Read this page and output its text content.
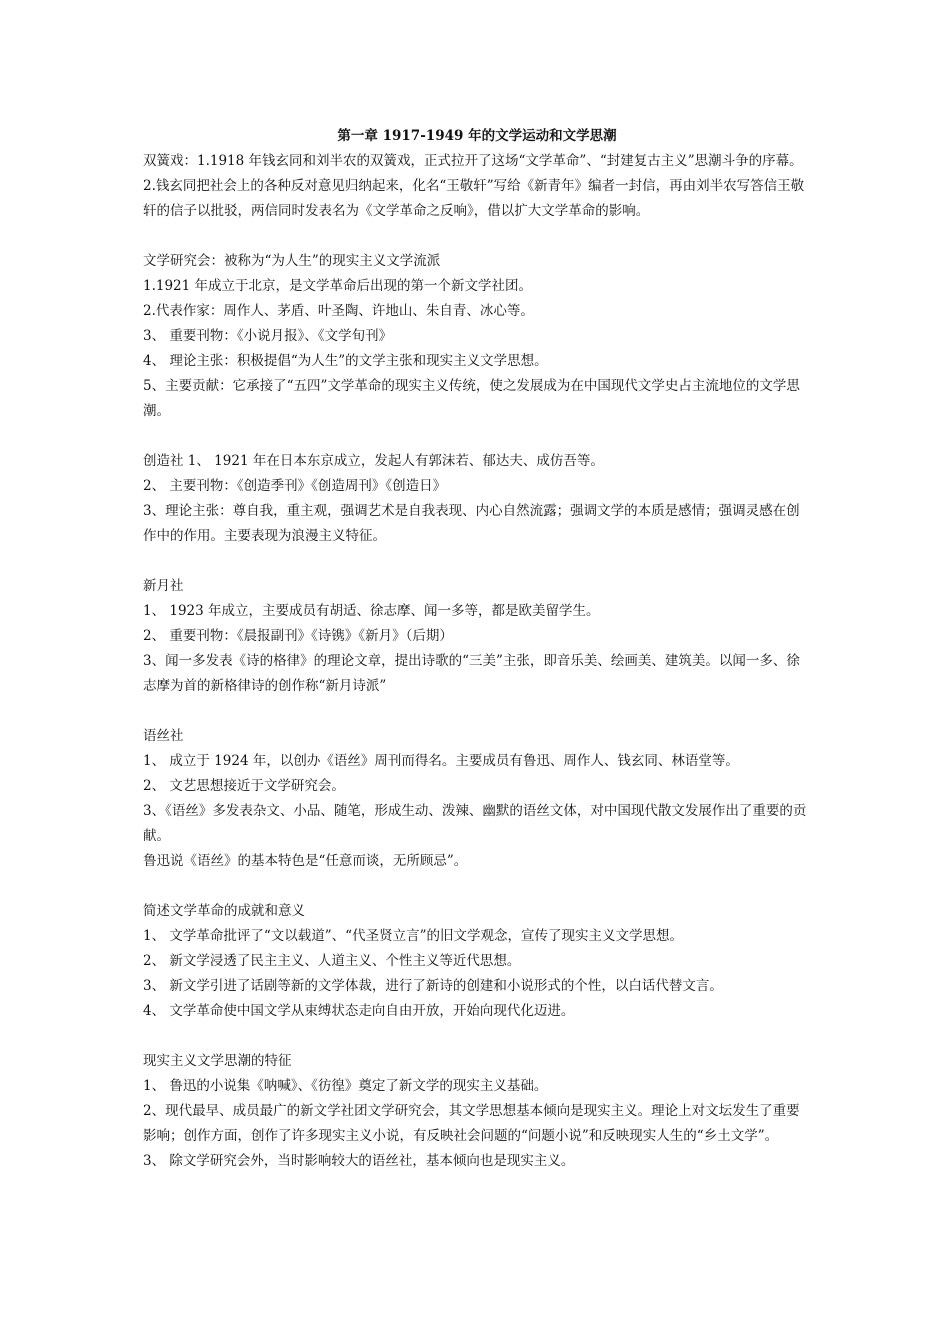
第一章 1917-1949 年的文学运动和文学思潮
双簧戏：1.1918 年钱玄同和刘半农的双簧戏，正式拉开了这场“文学革命”、“封建复古主义”思潮斗争的序幕。
2.钱玄同把社会上的各种反对意见归纳起来，化名“王敬轩”写给《新青年》编者一封信，再由刘半农写答信王敬轩的信子以批驳，两信同时发表名为《文学革命之反响》，借以扩大文学革命的影响。
文学研究会：被称为“为人生”的现实主义文学流派
1.1921 年成立于北京，是文学革命后出现的第一个新文学社团。
2.代表作家：周作人、茅盾、叶圣陶、许地山、朱自青、冰心等。
3、 重要刊物：《小说月报》、《文学旬刊》
4、 理论主张：积极提倡“为人生”的文学主张和现实主义文学思想。
5、主要贡献：它承接了“五四”文学革命的现实主义传统，使之发展成为在中国现代文学史占主流地位的文学思潮。
创造社 1、 1921 年在日本东京成立，发起人有郭沫若、郁达夫、成仿吾等。
2、 主要刊物：《创造季刊》《创造周刊》《创造日》
3、理论主张：尊自我，重主观，强调艺术是自我表现、内心自然流露；强调文学的本质是感情；强调灵感在创作中的作用。主要表现为浪漫主义特征。
新月社
1、 1923 年成立，主要成员有胡适、徐志摩、闻一多等，都是欧美留学生。
2、 重要刊物：《晨报副刊》《诗镌》《新月》（后期）
3、闻一多发表《诗的格律》的理论文章，提出诗歌的“三美”主张，即音乐美、绘画美、建筑美。以闻一多、徐志摩为首的新格律诗的创作称“新月诗派”
语丝社
1、 成立于 1924 年，以创办《语丝》周刊而得名。主要成员有鲁迅、周作人、钱玄同、林语堂等。
2、 文艺思想接近于文学研究会。
3、《语丝》多发表杂文、小品、随笔，形成生动、泼辣、幽默的语丝文体，对中国现代散文发展作出了重要的贡献。
鲁迅说《语丝》的基本特色是“任意而谈，无所顾忌”。
简述文学革命的成就和意义
1、 文学革命批评了“文以载道”、“代圣贤立言”的旧文学观念，宣传了现实主义文学思想。
2、 新文学浸透了民主主义、人道主义、个性主义等近代思想。
3、 新文学引进了话剧等新的文学体裁，进行了新诗的创建和小说形式的个性，以白话代替文言。
4、 文学革命使中国文学从束缚状态走向自由开放，开始向现代化迈进。
现实主义文学思潮的特征
1、 鲁迅的小说集《呐喊》、《彷徨》奠定了新文学的现实主义基础。
2、现代最早、成员最广的新文学社团文学研究会，其文学思想基本倾向是现实主义。理论上对文坛发生了重要影响；创作方面，创作了许多现实主义小说，有反映社会问题的“问题小说”和反映现实人生的“乡土文学”。
3、 除文学研究会外，当时影响较大的语丝社，基本倾向也是现实主义。
